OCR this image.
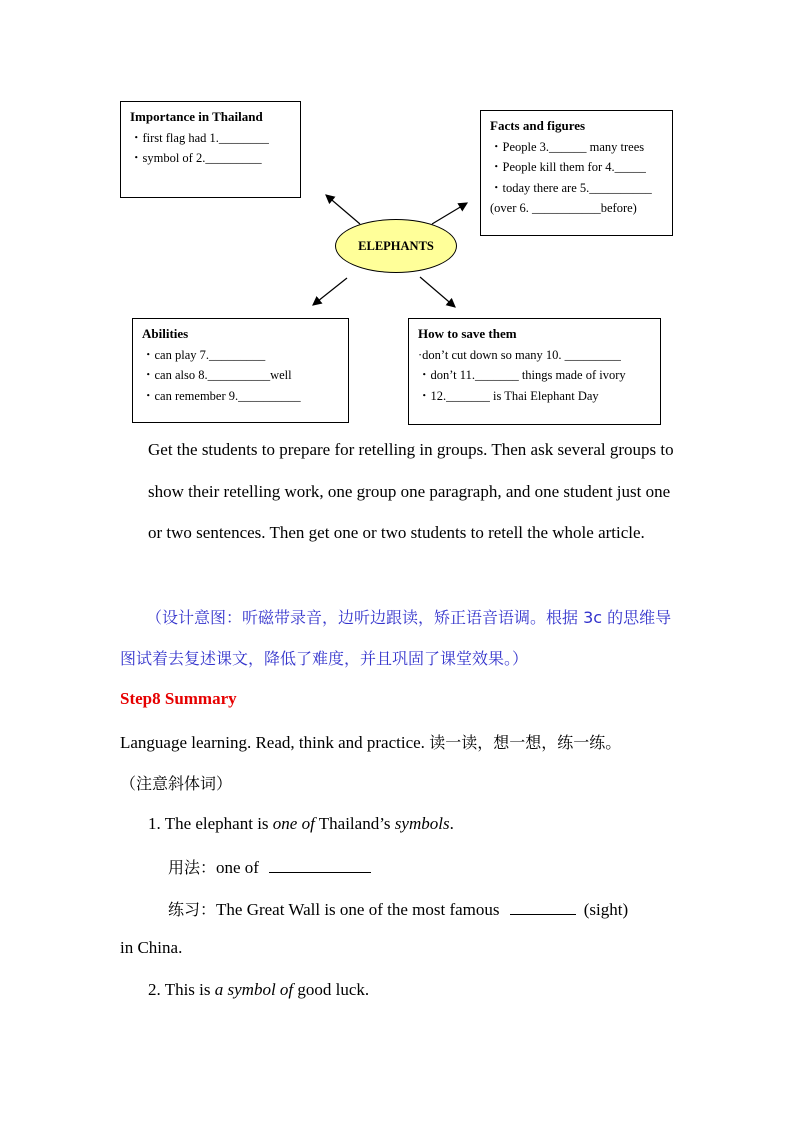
ELEPHANTS
Importance in Thailand
・first flag had 1.________
・symbol of 2._________
Facts and figures
・People 3.______ many trees
・People kill them for 4._____
・today there are 5.__________
(over 6. ___________before)
Abilities
・can play 7._________
・can also 8.__________well
・can remember 9.__________
How to save them
·don’t cut down so many 10. _________
・don’t 11._______ things made of ivory
・12._______ is Thai Elephant Day
Get the students to prepare for retelling in groups. Then ask several groups to show their retelling work, one group one paragraph, and one student just one or two sentences. Then get one or two students to retell the whole article.
（设计意图：听磁带录音，边听边跟读，矫正语音语调。根据 3c 的思维导图试着去复述课文，降低了难度，并且巩固了课堂效果。）
Step8 Summary
Language learning. Read, think and practice. 读一读，想一想，练一练。
（注意斜体词）
1. The elephant is one of Thailand’s symbols.
用法：one of
练习：The Great Wall is one of the most famous	(sight)
in China.
2. This is a symbol of good luck.
